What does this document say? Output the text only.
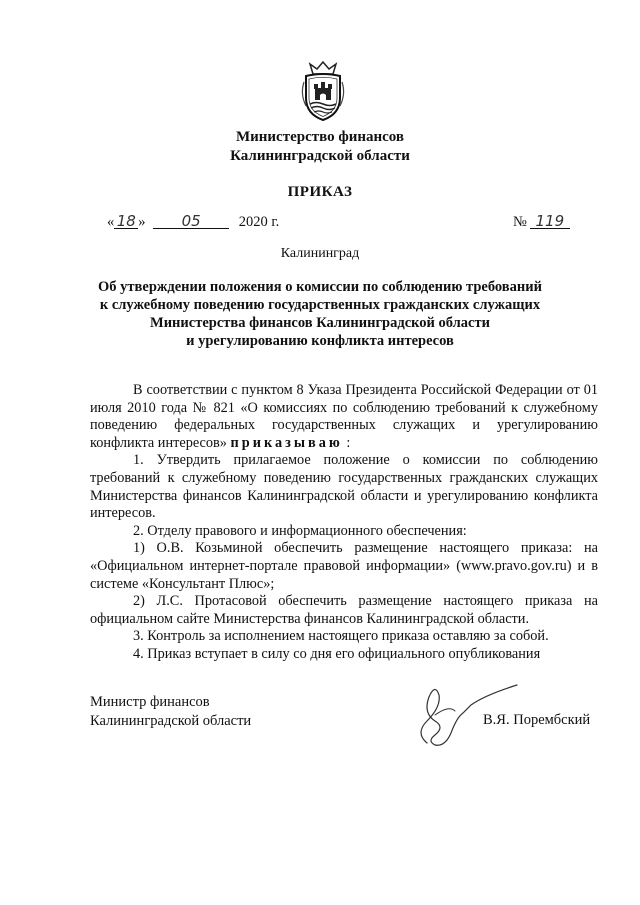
Министерство финансов
Калининградской области
ПРИКАЗ
« 18 » 05	2020 г.	№ 119
Калининград
Об утверждении положения о комиссии по соблюдению требований
к служебному поведению государственных гражданских служащих
Министерства финансов Калининградской области
и урегулированию конфликта интересов

В соответствии с пунктом 8 Указа Президента Российской Федерации от 01 июля 2010 года № 821 «О комиссиях по соблюдению требований к служебному поведению федеральных государственных служащих и урегулированию конфликта интересов» приказываю :

1. Утвердить прилагаемое положение о комиссии по соблюдению требований к служебному поведению государственных гражданских служащих Министерства финансов Калининградской области и урегулированию конфликта интересов.

2. Отделу правового и информационного обеспечения:

1) О.В. Козьминой обеспечить размещение настоящего приказа: на «Официальном интернет-портале правовой информации» (www.pravo.gov.ru) и в системе «Консультант Плюс»;

2) Л.С. Протасовой обеспечить размещение настоящего приказа на официальном сайте Министерства финансов Калининградской области.

3. Контроль за исполнением настоящего приказа оставляю за собой.

4. Приказ вступает в силу со дня его официального опубликования

Министр финансов
Калининградской области	В.Я. Порембский
